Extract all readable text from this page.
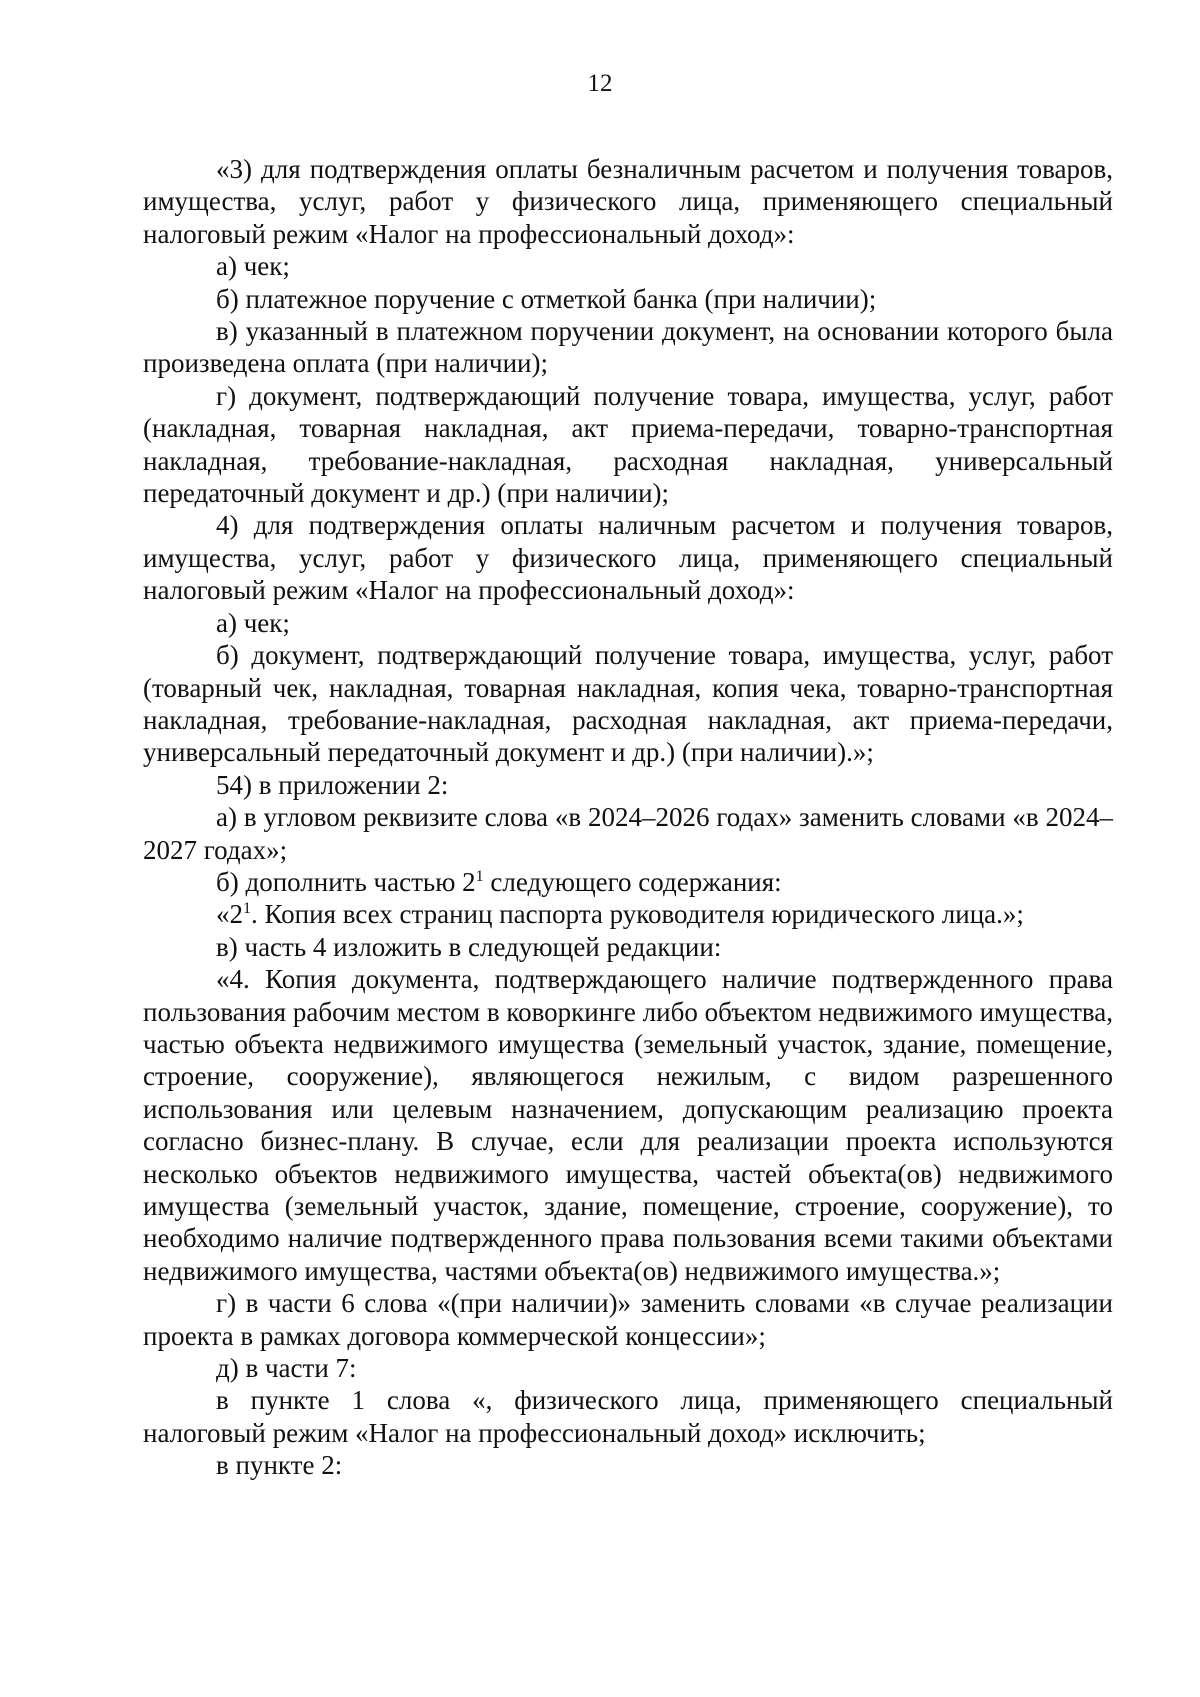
12

«3) для подтверждения оплаты безналичным расчетом и получения товаров, имущества, услуг, работ у физического лица, применяющего специальный налоговый режим «Налог на профессиональный доход»:

а) чек;

б) платежное поручение с отметкой банка (при наличии);

в) указанный в платежном поручении документ, на основании которого была произведена оплата (при наличии);

г) документ, подтверждающий получение товара, имущества, услуг, работ (накладная, товарная накладная, акт приема-передачи, товарно-транспортная накладная, требование-накладная, расходная накладная, универсальный передаточный документ и др.) (при наличии);

4) для подтверждения оплаты наличным расчетом и получения товаров, имущества, услуг, работ у физического лица, применяющего специальный налоговый режим «Налог на профессиональный доход»:

а) чек;

б) документ, подтверждающий получение товара, имущества, услуг, работ (товарный чек, накладная, товарная накладная, копия чека, товарно-транспортная накладная, требование-накладная, расходная накладная, акт приема-передачи, универсальный передаточный документ и др.) (при наличии).»;

54) в приложении 2:

а) в угловом реквизите слова «в 2024–2026 годах» заменить словами «в 2024–2027 годах»;

б) дополнить частью $2^1$ следующего содержания:

«$2^1$. Копия всех страниц паспорта руководителя юридического лица.»;

в) часть 4 изложить в следующей редакции:

«4. Копия документа, подтверждающего наличие подтвержденного права пользования рабочим местом в коворкинге либо объектом недвижимого имущества, частью объекта недвижимого имущества (земельный участок, здание, помещение, строение, сооружение), являющегося нежилым, с видом разрешенного использования или целевым назначением, допускающим реализацию проекта согласно бизнес-плану. В случае, если для реализации проекта используются несколько объектов недвижимого имущества, частей объекта(ов) недвижимого имущества (земельный участок, здание, помещение, строение, сооружение), то необходимо наличие подтвержденного права пользования всеми такими объектами недвижимого имущества, частями объекта(ов) недвижимого имущества.»;

г) в части 6 слова «(при наличии)» заменить словами «в случае реализации проекта в рамках договора коммерческой концессии»;

д) в части 7:

в пункте 1 слова «, физического лица, применяющего специальный налоговый режим «Налог на профессиональный доход» исключить;

в пункте 2:
